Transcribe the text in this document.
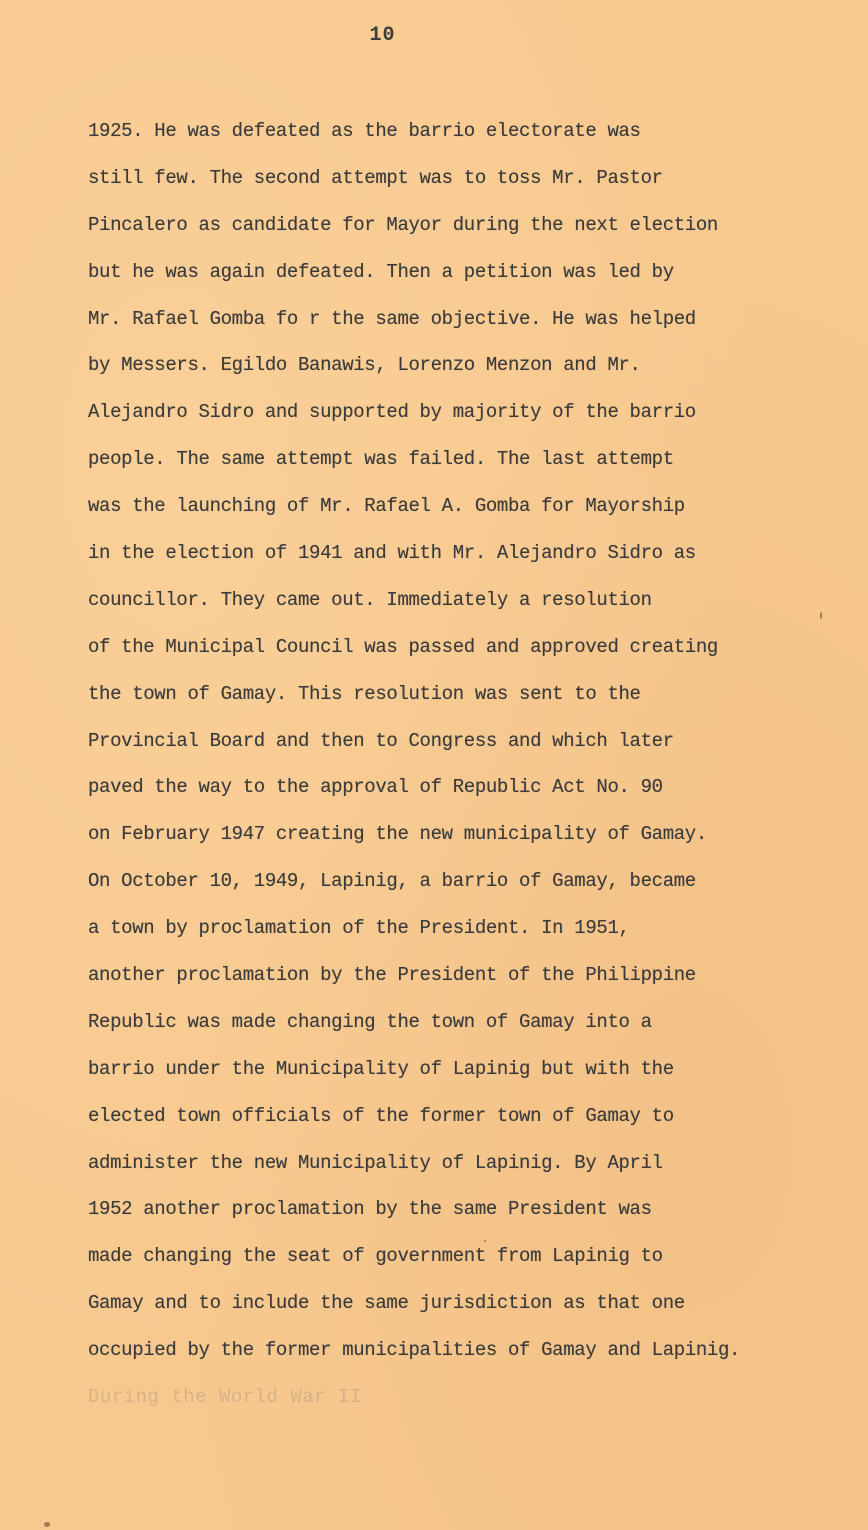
10
1925. He was defeated as the barrio electorate was
still few. The second attempt was to toss Mr. Pastor
Pincalero as candidate for Mayor during the next election
but he was again defeated. Then a petition was led by
Mr. Rafael Gomba fo r the same objective. He was helped
by Messers. Egildo Banawis, Lorenzo Menzon and Mr.
Alejandro Sidro and supported by majority of the barrio
people. The same attempt was failed. The last attempt
was the launching of Mr. Rafael A. Gomba for Mayorship
in the election of 1941 and with Mr. Alejandro Sidro as
councillor. They came out. Immediately a resolution
of the Municipal Council was passed and approved creating
the town of Gamay. This resolution was sent to the
Provincial Board and then to Congress and which later
paved the way to the approval of Republic Act No. 90
on February 1947 creating the new municipality of Gamay.
On October 10, 1949, Lapinig, a barrio of Gamay, became
a town by proclamation of the President. In 1951,
another proclamation by the President of the Philippine
Republic was made changing the town of Gamay into a
barrio under the Municipality of Lapinig but with the
elected town officials of the former town of Gamay to
administer the new Municipality of Lapinig. By April
1952 another proclamation by the same President was
made changing the seat of government from Lapinig to
Gamay and to include the same jurisdiction as that one
occupied by the former municipalities of Gamay and Lapinig.
During the World War II
